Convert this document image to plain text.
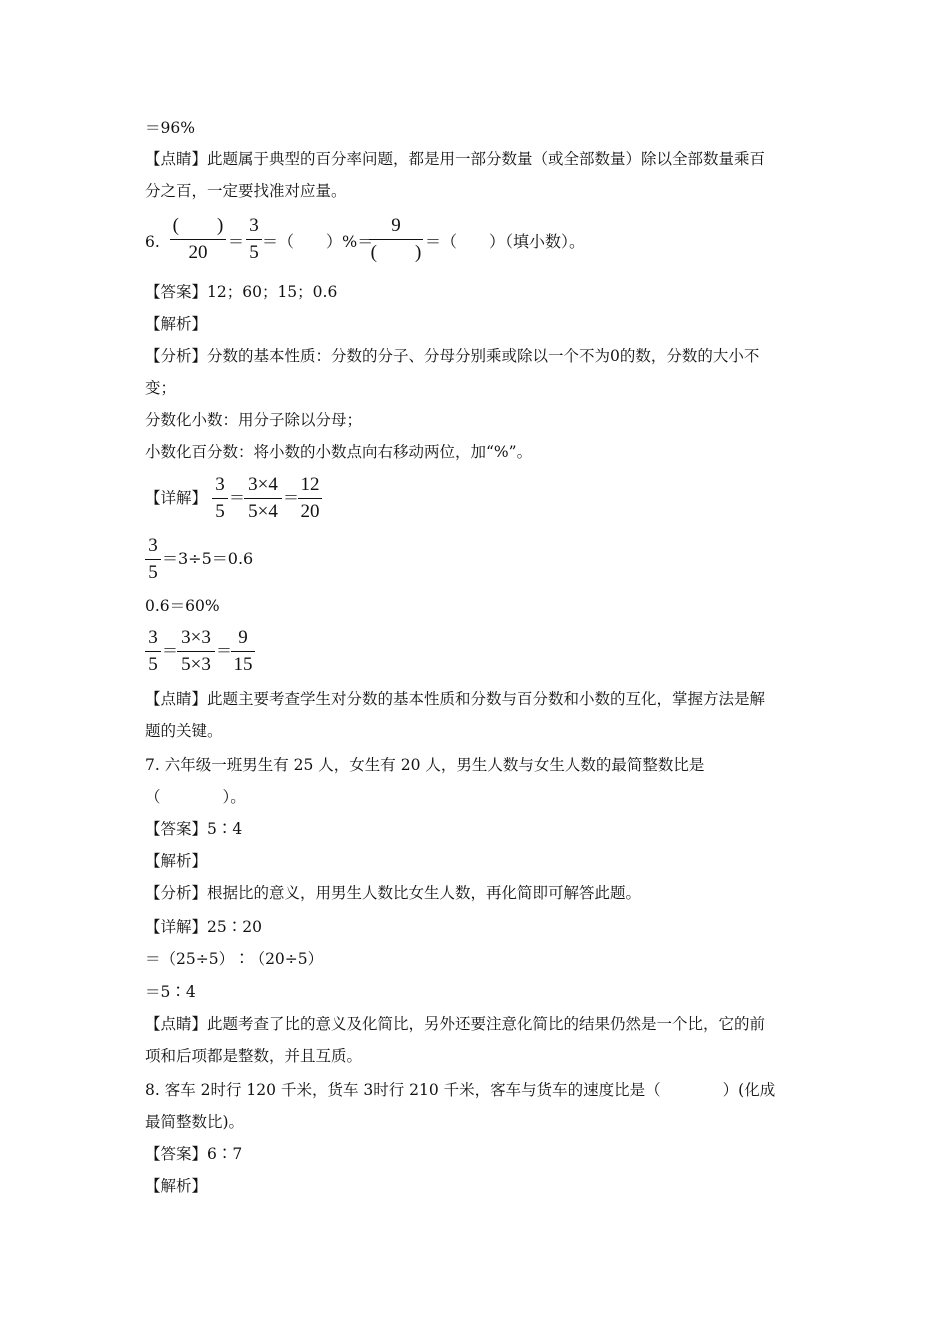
＝96%
【点睛】此题属于典型的百分率问题，都是用一部分数量（或全部数量）除以全部数量乘百
分之百，一定要找准对应量。
6.
(　　)
20
＝
3
5
＝（　　）%＝
9
(　　)
＝（　　）（填小数）。
【答案】12；60；15；0.6
【解析】
【分析】分数的基本性质：分数的分子、分母分别乘或除以一个不为0的数，分数的大小不
变；
分数化小数：用分子除以分母；
小数化百分数：将小数的小数点向右移动两位，加“%”。
【详解】
3
5
＝
3×4
5×4
＝
12
20
3
5
＝3÷5＝0.6
0.6＝60%
3
5
＝
3×3
5×3
＝
9
15
【点睛】此题主要考查学生对分数的基本性质和分数与百分数和小数的互化，掌握方法是解
题的关键。
7. 六年级一班男生有 25 人，女生有 20 人，男生人数与女生人数的最简整数比是
（　　　　）。
【答案】5∶4
【解析】
【分析】根据比的意义，用男生人数比女生人数，再化简即可解答此题。
【详解】25∶20
＝（25÷5）∶（20÷5）
＝5∶4
【点睛】此题考查了比的意义及化简比，另外还要注意化简比的结果仍然是一个比，它的前
项和后项都是整数，并且互质。
8. 客车 2时行 120 千米，货车 3时行 210 千米，客车与货车的速度比是（　　　　）(化成
最简整数比)。
【答案】6∶7
【解析】
